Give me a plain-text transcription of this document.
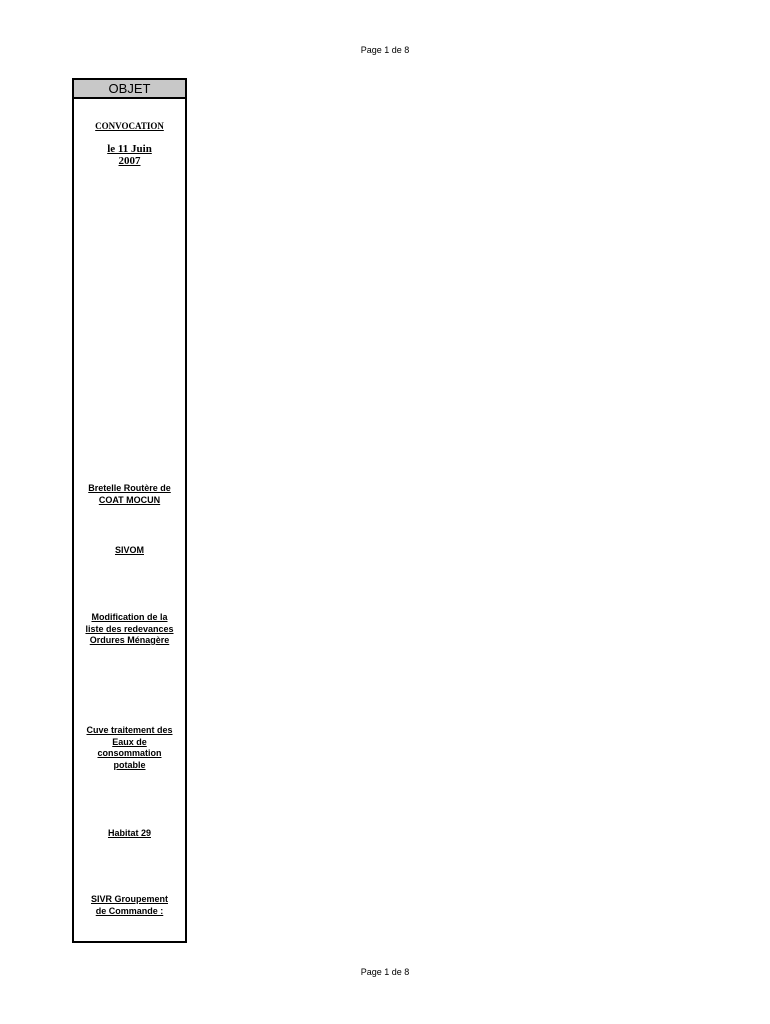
Page 1 de 8
OBJET

CONVOCATION

le 11 Juin
2007

Bretelle Routère de
COAT MOCUN
SIVOM
Modification de la
liste des redevances
Ordures Ménagère
Cuve traitement des
Eaux de
consommation
potable
Habitat 29
SIVR Groupement
de Commande :
Page 1 de 8
